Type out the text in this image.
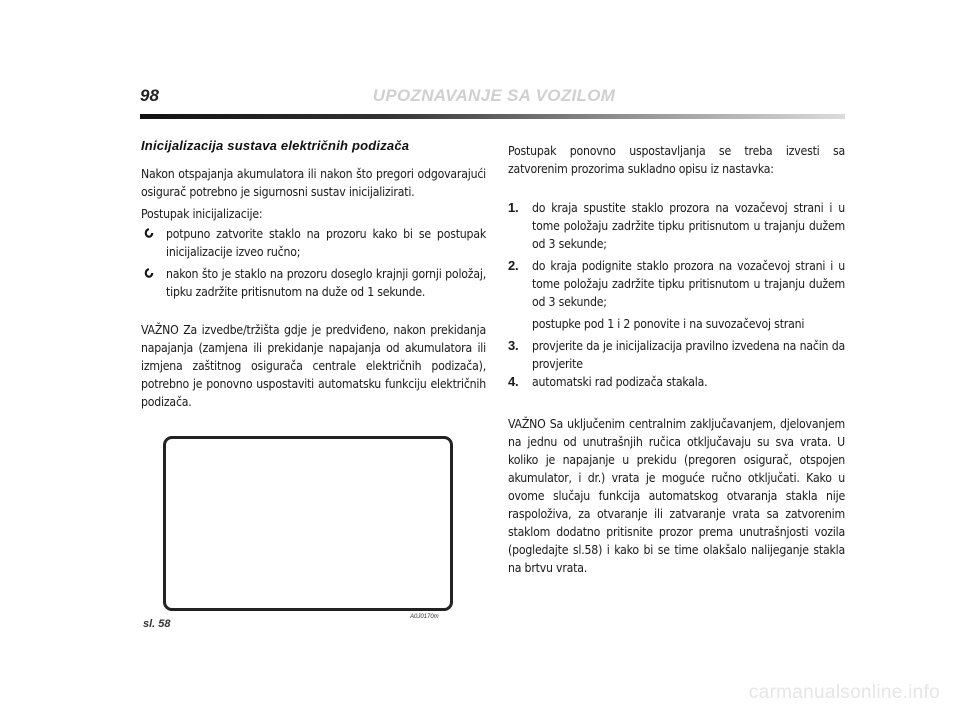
98	UPOZNAVANJE SA VOZILOM
Inicijalizacija sustava električnih podizača

Nakon otspajanja akumulatora ili nakon što pregori odgovarajući osigurač potrebno je sigurnosni sustav inicijalizirati.

Postupak inicijalizacije:

potpuno zatvorite staklo na prozoru kako bi se postupak inicijalizacije izveo ručno;
nakon što je staklo na prozoru doseglo krajnji gornji položaj, tipku zadržite pritisnutom na duže od 1 sekunde.

VAŽNO Za izvedbe/tržišta gdje je predviđeno, nakon prekidanja napajanja (zamjena ili prekidanje napajanja od akumulatora ili izmjena zaštitnog osigurača centrale električnih podizača), potrebno je ponovno uspostaviti automatsku funkciju električnih podizača.

Postupak ponovno uspostavljanja se treba izvesti sa zatvorenim prozorima sukladno opisu iz nastavka:

1. do kraja spustite staklo prozora na vozačevoj strani i u tome položaju zadržite tipku pritisnutom u trajanju dužem od 3 sekunde;
2. do kraja podignite staklo prozora na vozačevoj strani i u tome položaju zadržite tipku pritisnutom u trajanju dužem od 3 sekunde;
postupke pod 1 i 2 ponovite i na suvozačevoj strani
3. provjerite da je inicijalizacija pravilno izvedena na način da provjerite
4. automatski rad podizača stakala.

VAŽNO Sa uključenim centralnim zaključavanjem, djelovanjem na jednu od unutrašnjih ručica otključavaju su sva vrata. U koliko je napajanje u prekidu (pregoren osigurač, otspojen akumulator, i dr.) vrata je moguće ručno otključati. Kako u ovome slučaju funkcija automatskog otvaranja stakla nije raspoloživa, za otvaranje ili zatvaranje vrata sa zatvorenim staklom dodatno pritisnite prozor prema unutrašnjosti vozila (pogledajte sl.58) i kako bi se time olakšalo nalijeganje stakla na brtvu vrata.

A0J0170m
sl. 58
carmanualsonline.info
